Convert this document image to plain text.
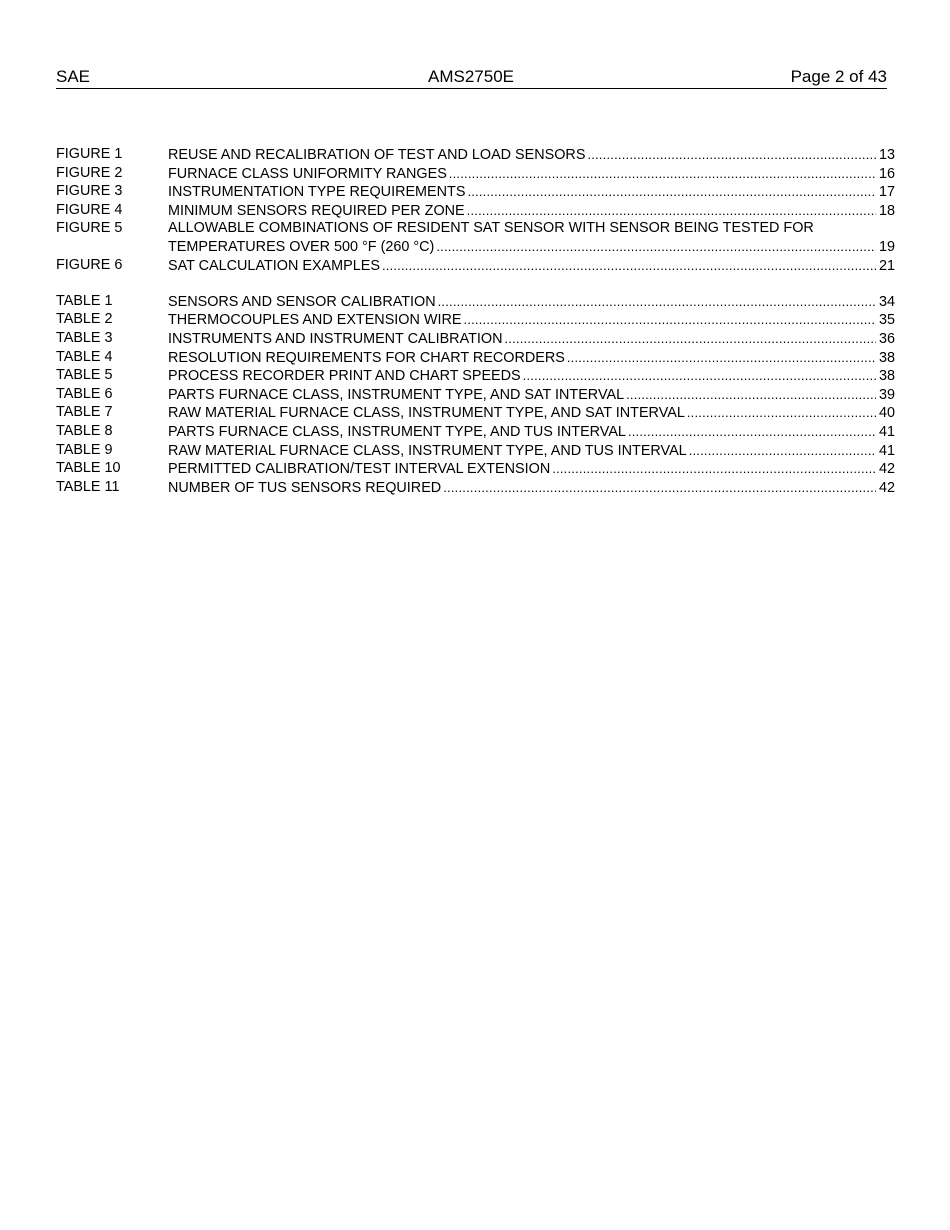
SAE	AMS2750E	Page 2 of 43
FIGURE 1	REUSE AND RECALIBRATION OF TEST AND LOAD SENSORS .....	13
FIGURE 2	FURNACE CLASS UNIFORMITY RANGES .....	16
FIGURE 3	INSTRUMENTATION TYPE REQUIREMENTS .....	17
FIGURE 4	MINIMUM SENSORS REQUIRED PER ZONE .....	18
FIGURE 5	ALLOWABLE COMBINATIONS OF RESIDENT SAT SENSOR WITH SENSOR BEING TESTED FOR
TEMPERATURES OVER 500 °F (260 °C) .....	19
FIGURE 6	SAT CALCULATION EXAMPLES .....	21
TABLE 1	SENSORS AND SENSOR CALIBRATION .....	34
TABLE 2	THERMOCOUPLES AND EXTENSION WIRE .....	35
TABLE 3	INSTRUMENTS AND INSTRUMENT CALIBRATION .....	36
TABLE 4	RESOLUTION REQUIREMENTS FOR CHART RECORDERS .....	38
TABLE 5	PROCESS RECORDER PRINT AND CHART SPEEDS .....	38
TABLE 6	PARTS FURNACE CLASS, INSTRUMENT TYPE, AND SAT INTERVAL .....	39
TABLE 7	RAW MATERIAL FURNACE CLASS, INSTRUMENT TYPE, AND SAT INTERVAL .....	40
TABLE 8	PARTS FURNACE CLASS, INSTRUMENT TYPE, AND TUS INTERVAL .....	41
TABLE 9	RAW MATERIAL FURNACE CLASS, INSTRUMENT TYPE, AND TUS INTERVAL .....	41
TABLE 10	PERMITTED CALIBRATION/TEST INTERVAL EXTENSION .....	42
TABLE 11	NUMBER OF TUS SENSORS REQUIRED .....	42
